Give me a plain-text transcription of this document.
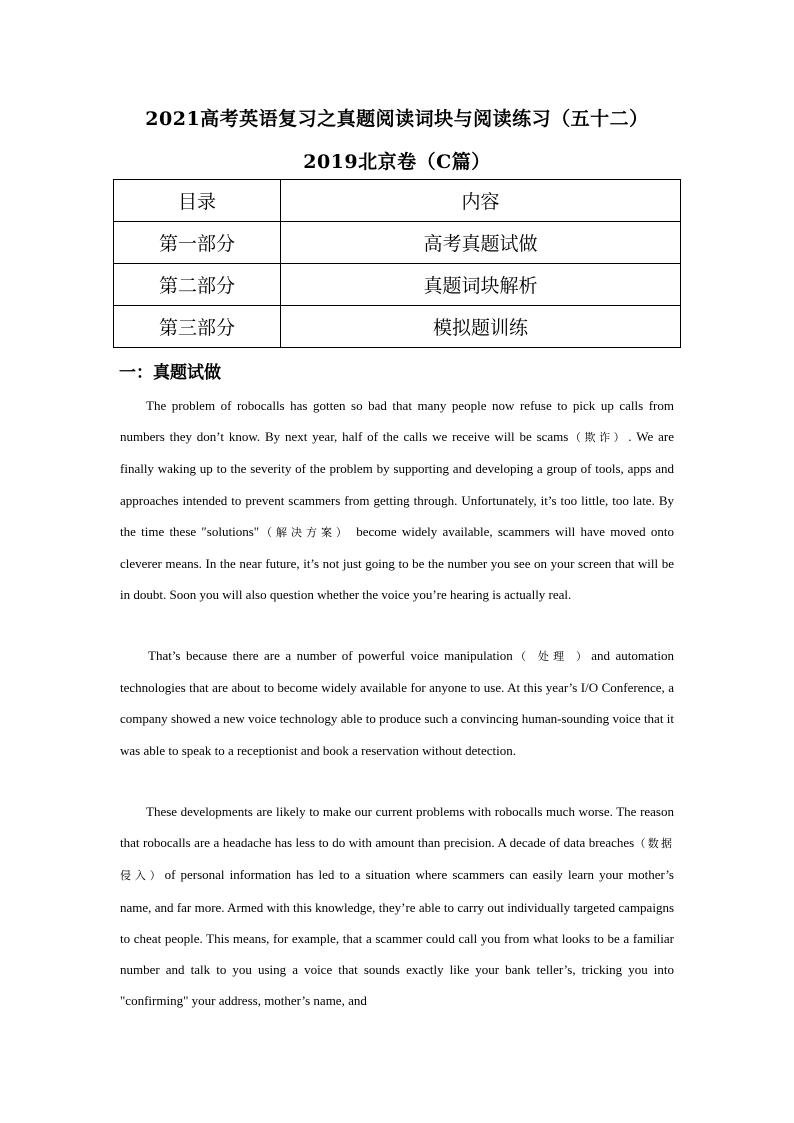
2021高考英语复习之真题阅读词块与阅读练习（五十二）
2019北京卷（C篇）
目录	内容
第一部分	高考真题试做
第二部分	真题词块解析
第三部分	模拟题训练
一：真题试做

The problem of robocalls has gotten so bad that many people now refuse to pick up calls from numbers they don’t know. By next year, half of the calls we receive will be scams（欺诈）. We are finally waking up to the severity of the problem by supporting and developing a group of tools, apps and approaches intended to prevent scammers from getting through. Unfortunately, it’s too little, too late. By the time these ″solutions"（解决方案） become widely available, scammers will have moved onto cleverer means. In the near future, it’s not just going to be the number you see on your screen that will be in doubt. Soon you will also question whether the voice you’re hearing is actually real.

That’s because there are a number of powerful voice manipulation（ 处理 ）and automation technologies that are about to become widely available for anyone to use. At this year’s I/O Conference, a company showed a new voice technology able to produce such a convincing human-sounding voice that it was able to speak to a receptionist and book a reservation without detection.

These developments are likely to make our current problems with robocalls much worse. The reason that robocalls are a headache has less to do with amount than precision. A decade of data breaches（数据侵入）of personal information has led to a situation where scammers can easily learn your mother’s name, and far more. Armed with this knowledge, they’re able to carry out individually targeted campaigns to cheat people. This means, for example, that a scammer could call you from what looks to be a familiar number and talk to you using a voice that sounds exactly like your bank teller’s, tricking you into "confirming" your address, mother’s name, and
